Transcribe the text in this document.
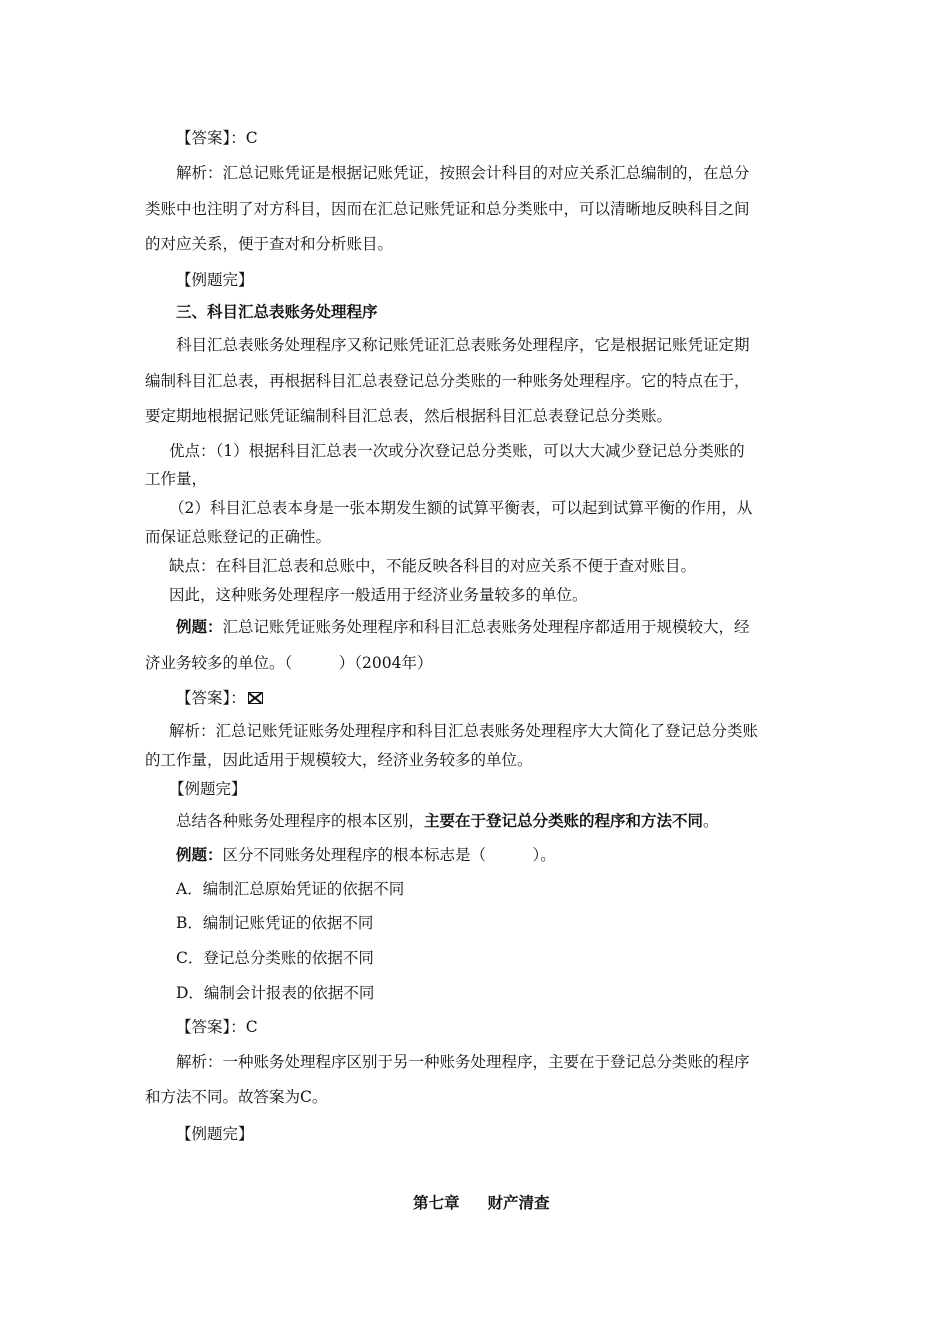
【答案】：C
解析：汇总记账凭证是根据记账凭证，按照会计科目的对应关系汇总编制的，在总分
类账中也注明了对方科目，因而在汇总记账凭证和总分类账中，可以清晰地反映科目之间
的对应关系，便于查对和分析账目。
【例题完】
三、科目汇总表账务处理程序
科目汇总表账务处理程序又称记账凭证汇总表账务处理程序，它是根据记账凭证定期
编制科目汇总表，再根据科目汇总表登记总分类账的一种账务处理程序。它的特点在于，
要定期地根据记账凭证编制科目汇总表，然后根据科目汇总表登记总分类账。
优点：（1）根据科目汇总表一次或分次登记总分类账，可以大大减少登记总分类账的
工作量，
（2）科目汇总表本身是一张本期发生额的试算平衡表，可以起到试算平衡的作用，从
而保证总账登记的正确性。
缺点：在科目汇总表和总账中，不能反映各科目的对应关系不便于查对账目。
因此，这种账务处理程序一般适用于经济业务量较多的单位。
例题：汇总记账凭证账务处理程序和科目汇总表账务处理程序都适用于规模较大，经
济业务较多的单位。（　　　）（2004年）
【答案】：
解析：汇总记账凭证账务处理程序和科目汇总表账务处理程序大大简化了登记总分类账
的工作量，因此适用于规模较大，经济业务较多的单位。
【例题完】
总结各种账务处理程序的根本区别，主要在于登记总分类账的程序和方法不同。
例题：区分不同账务处理程序的根本标志是（　　　）。
A．编制汇总原始凭证的依据不同
B．编制记账凭证的依据不同
C．登记总分类账的依据不同
D．编制会计报表的依据不同
【答案】：C
解析：一种账务处理程序区别于另一种账务处理程序，主要在于登记总分类账的程序
和方法不同。故答案为C。
【例题完】
第七章 财产清查
